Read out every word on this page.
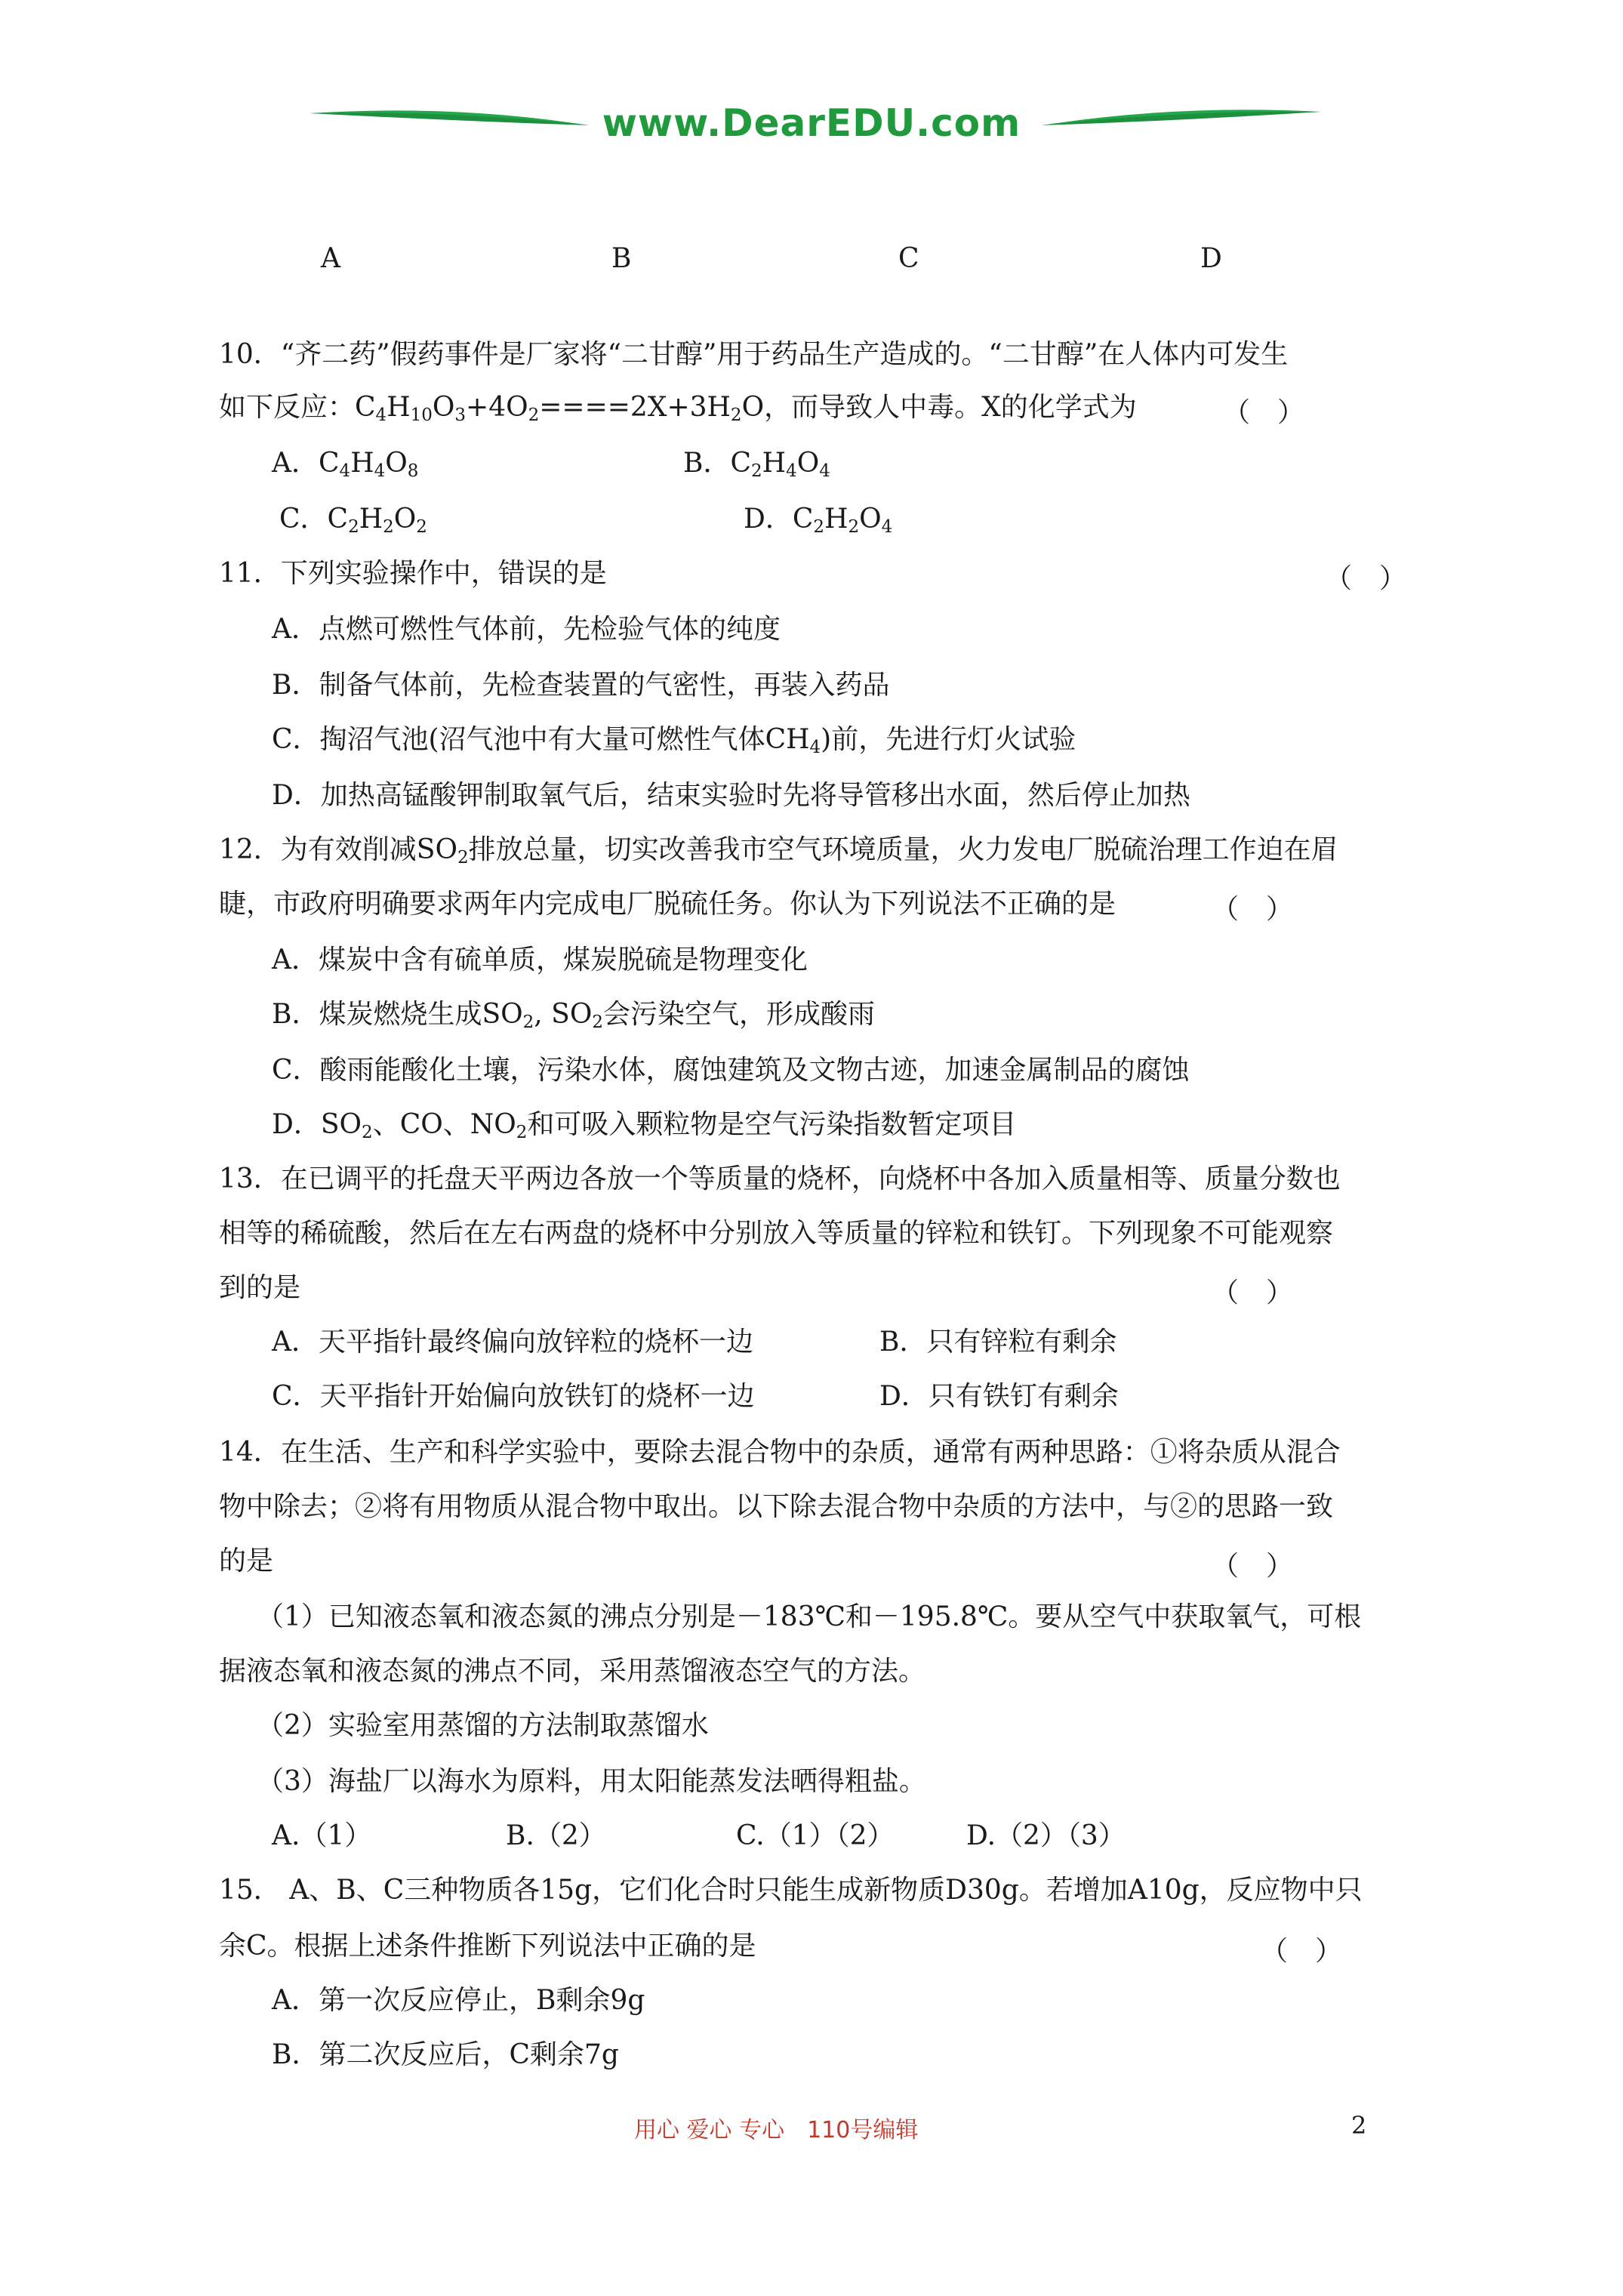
www.DearEDU.com
A	B	C	D
10．“齐二药”假药事件是厂家将“二甘醇”用于药品生产造成的。“二甘醇”在人体内可发生
如下反应：$C_4H_{10}O_3+4O_2====2X+3H_2O$，而导致人中毒。X的化学式为	（　）
A．$C_4H_4O_8$	B．$C_2H_4O_4$
C．$C_2H_2O_2$	D．$C_2H_2O_4$
11．下列实验操作中，错误的是	（　）
A．点燃可燃性气体前，先检验气体的纯度
B．制备气体前，先检查装置的气密性，再装入药品
C．掏沼气池(沼气池中有大量可燃性气体$CH_4$)前，先进行灯火试验
D．加热高锰酸钾制取氧气后，结束实验时先将导管移出水面，然后停止加热
12．为有效削减$SO_2$排放总量，切实改善我市空气环境质量，火力发电厂脱硫治理工作迫在眉
睫，市政府明确要求两年内完成电厂脱硫任务。你认为下列说法不正确的是	（　）
A．煤炭中含有硫单质，煤炭脱硫是物理变化
B．煤炭燃烧生成$SO_2$, $SO_2$会污染空气，形成酸雨
C．酸雨能酸化土壤，污染水体，腐蚀建筑及文物古迹，加速金属制品的腐蚀
D．$SO_2$、CO、$NO_2$和可吸入颗粒物是空气污染指数暂定项目
13．在已调平的托盘天平两边各放一个等质量的烧杯，向烧杯中各加入质量相等、质量分数也
相等的稀硫酸，然后在左右两盘的烧杯中分别放入等质量的锌粒和铁钉。下列现象不可能观察
到的是	（　）
A．天平指针最终偏向放锌粒的烧杯一边	B．只有锌粒有剩余
C．天平指针开始偏向放铁钉的烧杯一边	D．只有铁钉有剩余
14．在生活、生产和科学实验中，要除去混合物中的杂质，通常有两种思路：①将杂质从混合
物中除去；②将有用物质从混合物中取出。以下除去混合物中杂质的方法中，与②的思路一致
的是	（　）
（1）已知液态氧和液态氮的沸点分别是－183℃和－195.8℃。要从空气中获取氧气，可根
据液态氧和液态氮的沸点不同，采用蒸馏液态空气的方法。
（2）实验室用蒸馏的方法制取蒸馏水
（3）海盐厂以海水为原料，用太阳能蒸发法晒得粗盐。
A.（1）	B.（2）	C.（1）（2）	D.（2）（3）
15． A、B、C三种物质各15g，它们化合时只能生成新物质D30g。若增加A10g，反应物中只
余C。根据上述条件推断下列说法中正确的是	（　）
A．第一次反应停止，B剩余9g
B．第二次反应后，C剩余7g
用心 爱心 专心　110号编辑	2
